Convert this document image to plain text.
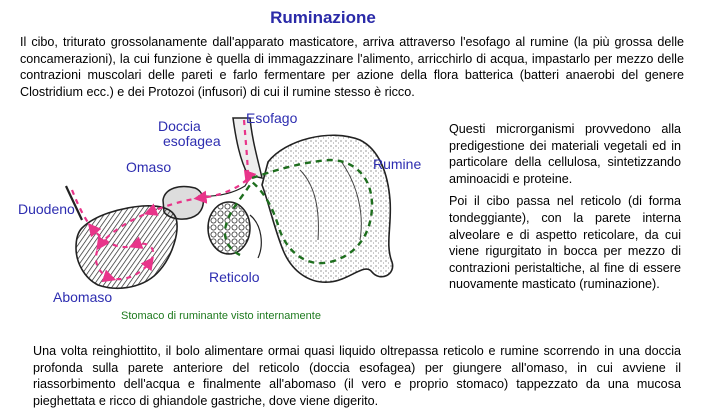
Ruminazione

Il cibo, triturato grossolanamente dall'apparato masticatore, arriva attraverso l'esofago al rumine (la più grossa delle concamerazioni), la cui funzione è quella di immagazzinare l'alimento, arricchirlo di acqua, impastarlo per mezzo delle contrazioni muscolari delle pareti e farlo fermentare per azione della flora batterica (batteri anaerobi del genere Clostridium ecc.) e dei Protozoi (infusori) di cui il rumine stesso è ricco.

Doccia
esofagea
Esofago
Omaso	Rumine
Duodeno
Reticolo
Abomaso
Stomaco di ruminante visto internamente

Questi microrganismi provvedono alla predigestione dei materiali vegetali ed in particolare della cellulosa, sintetizzando aminoacidi e proteine.

Poi il cibo passa nel reticolo (di forma tondeggiante), con la parete interna alveolare e di aspetto reticolare, da cui viene rigurgitato in bocca per mezzo di contrazioni peristaltiche, al fine di essere nuovamente masticato (ruminazione).

Una volta reinghiottito, il bolo alimentare ormai quasi liquido oltrepassa reticolo e rumine scorrendo in una doccia profonda sulla parete anteriore del reticolo (doccia esofagea) per giungere all'omaso, in cui avviene il riassorbimento dell'acqua e finalmente all'abomaso (il vero e proprio stomaco) tappezzato da una mucosa pieghettata e ricco di ghiandole gastriche, dove viene digerito.
